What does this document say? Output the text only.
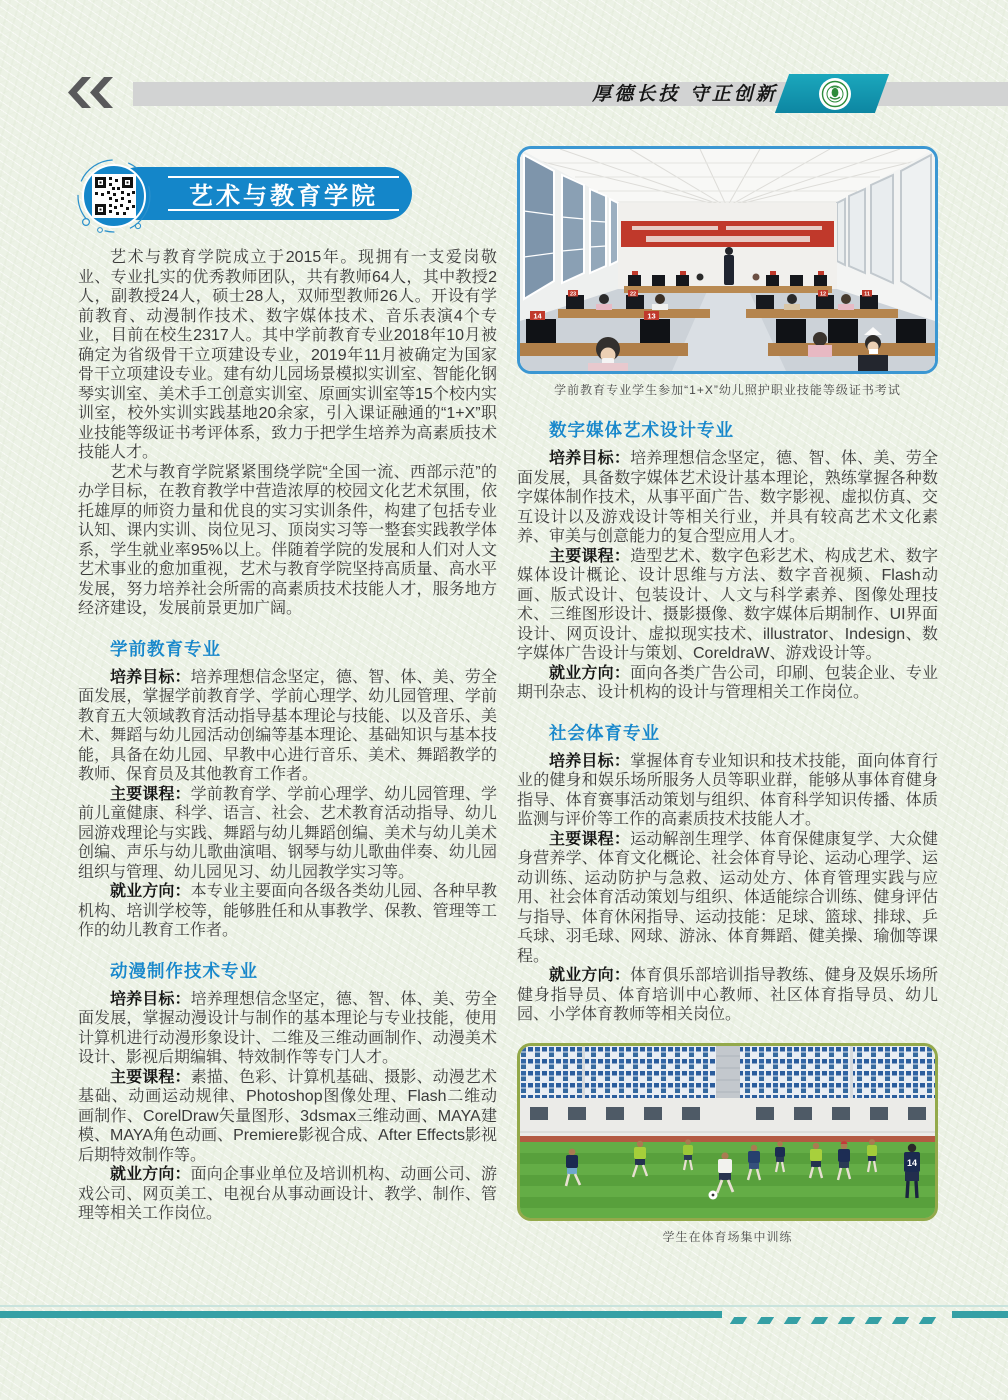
厚德长技 守正创新
艺术与教育学院

艺术与教育学院成立于2015年。现拥有一支爱岗敬业、专业扎实的优秀教师团队，共有教师64人，其中教授2人，副教授24人，硕士28人，双师型教师26人。开设有学前教育、动漫制作技术、数字媒体技术、音乐表演4个专业，目前在校生2317人。其中学前教育专业2018年10月被确定为省级骨干立项建设专业，2019年11月被确定为国家骨干立项建设专业。建有幼儿园场景模拟实训室、智能化钢琴实训室、美术手工创意实训室、原画实训室等15个校内实训室，校外实训实践基地20余家，引入课证融通的“1+X”职业技能等级证书考评体系，致力于把学生培养为高素质技术技能人才。

艺术与教育学院紧紧围绕学院“全国一流、西部示范”的办学目标，在教育教学中营造浓厚的校园文化艺术氛围，依托雄厚的师资力量和优良的实习实训条件，构建了包括专业认知、课内实训、岗位见习、顶岗实习等一整套实践教学体系，学生就业率95%以上。伴随着学院的发展和人们对人文艺术事业的愈加重视，艺术与教育学院坚持高质量、高水平发展，努力培养社会所需的高素质技术技能人才，服务地方经济建设，发展前景更加广阔。

学前教育专业

培养目标：培养理想信念坚定，德、智、体、美、劳全面发展，掌握学前教育学、学前心理学、幼儿园管理、学前教育五大领域教育活动指导基本理论与技能、以及音乐、美术、舞蹈与幼儿园活动创编等基本理论、基础知识与基本技能，具备在幼儿园、早教中心进行音乐、美术、舞蹈教学的教师、保育员及其他教育工作者。

主要课程：学前教育学、学前心理学、幼儿园管理、学前儿童健康、科学、语言、社会、艺术教育活动指导、幼儿园游戏理论与实践、舞蹈与幼儿舞蹈创编、美术与幼儿美术创编、声乐与幼儿歌曲演唱、钢琴与幼儿歌曲伴奏、幼儿园组织与管理、幼儿园见习、幼儿园教学实习等。

就业方向：本专业主要面向各级各类幼儿园、各种早教机构、培训学校等，能够胜任和从事教学、保教、管理等工作的幼儿教育工作者。

动漫制作技术专业

培养目标：培养理想信念坚定，德、智、体、美、劳全面发展，掌握动漫设计与制作的基本理论与专业技能，使用计算机进行动漫形象设计、二维及三维动画制作、动漫美术设计、影视后期编辑、特效制作等专门人才。

主要课程：素描、色彩、计算机基础、摄影、动漫艺术基础、动画运动规律、Photoshop图像处理、Flash二维动画制作、CorelDraw矢量图形、3dsmax三维动画、MAYA建模、MAYA角色动画、Premiere影视合成、After Effects影视后期特效制作等。

就业方向：面向企事业单位及培训机构、动画公司、游戏公司、网页美工、电视台从事动画设计、教学、制作、管理等相关工作岗位。

23	22	12	11
14	13
学前教育专业学生参加“1+X”幼儿照护职业技能等级证书考试
数字媒体艺术设计专业

培养目标：培养理想信念坚定，德、智、体、美、劳全面发展，具备数字媒体艺术设计基本理论，熟练掌握各种数字媒体制作技术，从事平面广告、数字影视、虚拟仿真、交互设计以及游戏设计等相关行业，并具有较高艺术文化素养、审美与创意能力的复合型应用人才。

主要课程：造型艺术、数字色彩艺术、构成艺术、数字媒体设计概论、设计思维与方法、数字音视频、Flash动画、版式设计、包装设计、人文与科学素养、图像处理技术、三维图形设计、摄影摄像、数字媒体后期制作、UI界面设计、网页设计、虚拟现实技术、illustrator、Indesign、数字媒体广告设计与策划、CoreldraW、游戏设计等。

就业方向：面向各类广告公司，印刷、包装企业、专业期刊杂志、设计机构的设计与管理相关工作岗位。

社会体育专业

培养目标：掌握体育专业知识和技术技能，面向体育行业的健身和娱乐场所服务人员等职业群，能够从事体育健身指导、体育赛事活动策划与组织、体育科学知识传播、体质监测与评价等工作的高素质技术技能人才。

主要课程：运动解剖生理学、体育保健康复学、大众健身营养学、体育文化概论、社会体育导论、运动心理学、运动训练、运动防护与急救、运动处方、体育管理实践与应用、社会体育活动策划与组织、体适能综合训练、健身评估与指导、体育休闲指导、运动技能：足球、篮球、排球、乒乓球、羽毛球、网球、游泳、体育舞蹈、健美操、瑜伽等课程。

就业方向：体育俱乐部培训指导教练、健身及娱乐场所健身指导员、体育培训中心教师、社区体育指导员、幼儿园、小学体育教师等相关岗位。

14
学生在体育场集中训练
